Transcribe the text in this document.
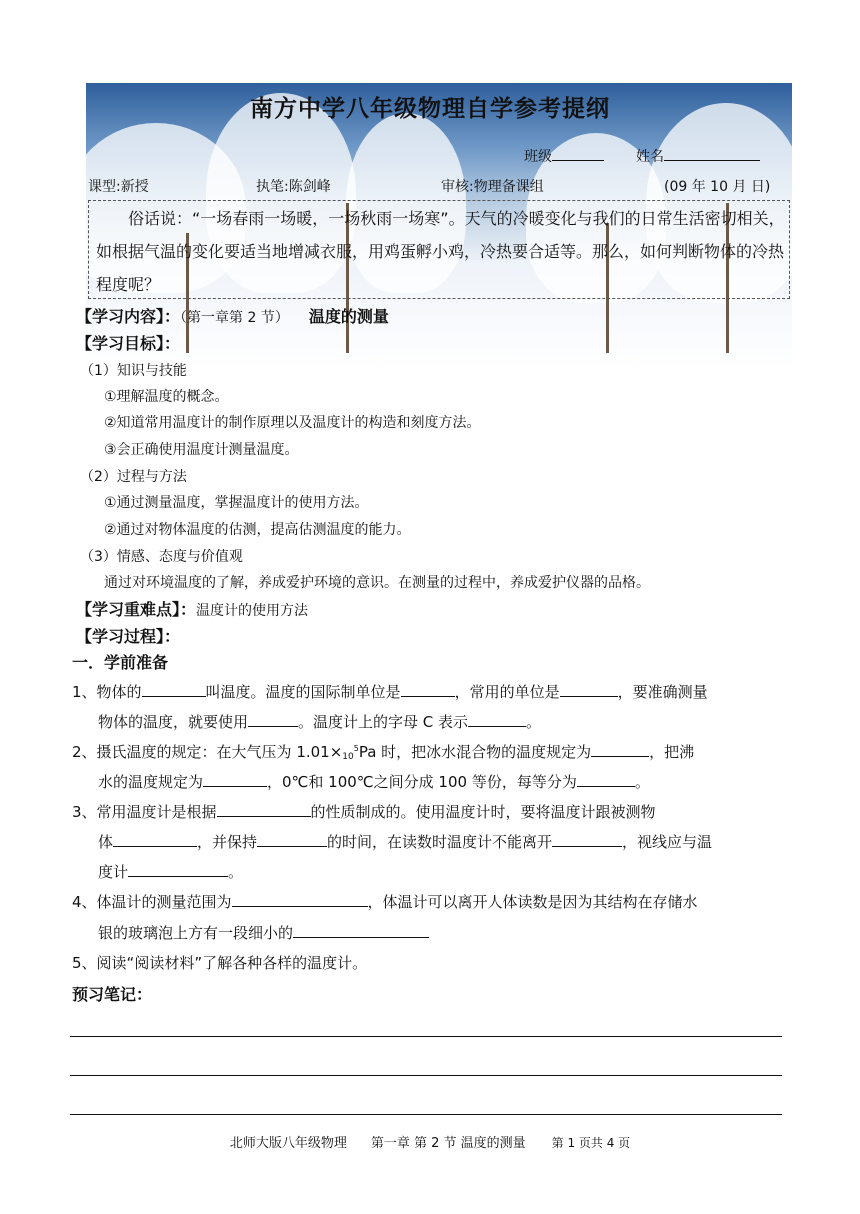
南方中学八年级物理自学参考提纲
班级	姓名
课型:新授	执笔:陈剑峰	审核:物理备课组	(09 年 10 月 日)
俗话说：“一场春雨一场暖，一场秋雨一场寒”。天气的冷暖变化与我们的日常生活密切相关，如根据气温的变化要适当地增减衣服，用鸡蛋孵小鸡，冷热要合适等。那么，如何判断物体的冷热程度呢？
【学习内容】：（第一章第 2 节） 温度的测量
【学习目标】：
（1）知识与技能
①理解温度的概念。
②知道常用温度计的制作原理以及温度计的构造和刻度方法。
③会正确使用温度计测量温度。
（2）过程与方法
①通过测量温度，掌握温度计的使用方法。
②通过对物体温度的估测，提高估测温度的能力。
（3）情感、态度与价值观
通过对环境温度的了解，养成爱护环境的意识。在测量的过程中，养成爱护仪器的品格。
【学习重难点】：温度计的使用方法
【学习过程】：
一．学前准备
1、物体的	叫温度。温度的国际制单位是	，常用的单位是	，要准确测量
物体的温度，就要使用	。温度计上的字母 C 表示	。
2、摄氏温度的规定：在大气压为 $1.01\times 10^5Pa$ 时，把冰水混合物的温度规定为	，把沸
水的温度规定为	，0℃和 100℃之间分成 100 等份，每等分为	。
3、常用温度计是根据	的性质制成的。使用温度计时，要将温度计跟被测物
体	，并保持	的时间，在读数时温度计不能离开	，视线应与温
度计	。
4、体温计的测量范围为	，体温计可以离开人体读数是因为其结构在存储水
银的玻璃泡上方有一段细小的
5、阅读“阅读材料”了解各种各样的温度计。
预习笔记：
北师大版八年级物理 第一章 第 2 节 温度的测量 第 1 页共 4 页
